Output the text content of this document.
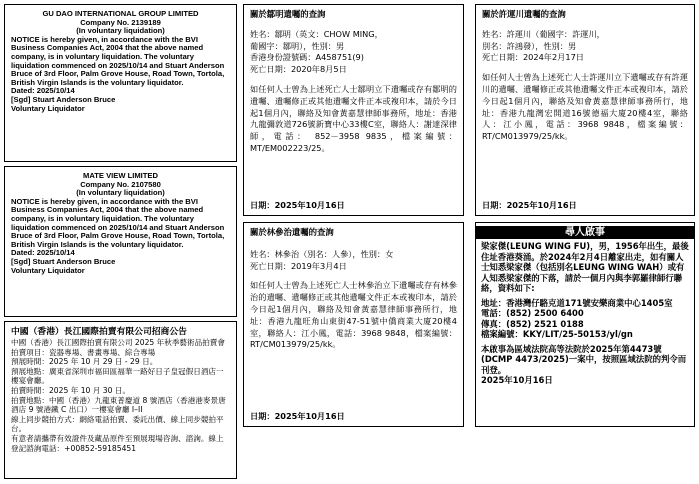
GU DAO INTERNATIONAL GROUP LIMITED

Company No. 2139189

(In voluntary liquidation)

NOTICE is hereby given, in accordance with the BVI Business Companies Act, 2004 that the above named company, is in voluntary liquidation. The voluntary liquidation commenced on 2025/10/14 and Stuart Anderson Bruce of 3rd Floor, Palm Grove House, Road Town, Tortola, British Virgin Islands is the voluntary liquidator.

Dated: 2025/10/14

[Sgd] Stuart Anderson Bruce

Voluntary Liquidator

MATE VIEW LIMITED

Company No. 2107580

(In voluntary liquidation)

NOTICE is hereby given, in accordance with the BVI Business Companies Act, 2004 that the above named company, is in voluntary liquidation. The voluntary liquidation commenced on 2025/10/14 and Stuart Anderson Bruce of 3rd Floor, Palm Grove House, Road Town, Tortola, British Virgin Islands is the voluntary liquidator.

Dated: 2025/10/14

[Sgd] Stuart Anderson Bruce

Voluntary Liquidator

中國（香港）長江國際拍賣有限公司招商公告

中國（香港）長江國際拍賣有限公司 2025 年秋季藝術品拍賣會

拍賣項目：瓷器專場、書畫專場、綜合專場

預展時間：2025 年 10 月 29 日 - 29 日。

預展地點：廣東省深圳市福田區福華一路好日子皇冠假日酒店一樓宴會廳。

拍賣時間：2025 年 10 月 30 日。

拍賣地點：中國（香港）九龍東普慶道 8 號酒店（香港港麥景唐酒店 9 號港鐵 C 出口）一樓宴會廳 I–II

線上同步競拍方式：網絡電話拍賣、委託出價、線上同步競拍平台。

有意者請攜帶有效證件及藏品原件至預展現場咨詢、諮詢。線上登記諮詢電話：+00852-59185451

關於鄒明遺囑的查詢

姓名：鄒明（英文：CHOW MING，

葡國字：鄒明），性別：男

香港身份證號碼：A458751(9)

死亡日期：2020年8月5日

如任何人士曾為上述死亡人士鄒明立下遺囑或存有鄒明的遺囑、遺囑修正或其他遺囑文件正本或複印本，請於今日起1個月內，聯絡及知會黃嘉慧律師事務所，地址：香港九龍彌敦道726號新寶中心33樓C室，聯絡人：謝達深律師，電話： 852－3958 9835，檔案編號：MT/EM002223/25。

日期：2025年10月16日

關於許運川遺囑的查詢

姓名：許運川（葡國字：許運川，

別名：許鴻發），性別：男

死亡日期：2024年2月17日

如任何人士曾為上述死亡人士許運川立下遺囑或存有許運川的遺囑、遺囑修正或其他遺囑文件正本或複印本，請於今日起1個月內，聯絡及知會黃嘉慧律師事務所行，地址：香港九龍灣宏開道16號德福大廈20樓4室，聯絡人：江小鳳，電話：3968 9848，檔案編號：RT/CM013979/25/kk。

日期：2025年10月16日

關於林參治遺囑的查詢

姓名：林參治（別名：人參），性別：女

死亡日期：2019年3月4日

如任何人士曾為上述死亡人士林參治立下遺囑或存有林參治的遺囑、遺囑修正或其他遺囑文件正本或複印本，請於今日起1個月內，聯絡及知會黃嘉慧律師事務所行，地址：香港九龍旺角山東街47-51號中僑商業大廈20樓4室，聯絡人：江小鳳，電話：3968 9848，檔案編號：RT/CM013979/25/kk。

日期：2025年10月16日

尋人啟事

梁家傑(LEUNG WING FU)，男，1956年出生，最後住址香港葵涌。於2024年2月4日離家出走，如有關人士知悉梁家傑（包括別名LEUNG WING WAH）或有人知悉梁家傑的下落，請於一個月內與李郭羅律師行聯絡，資料如下:

地址：香港灣仔駱克道171號安樂商業中心1405室

電話：(852) 2500 6400

傳真：(852) 2521 0188

檔案編號：KKY/LIT/25-50153/yl/gn

本啟事為區域法院高等法院於2025年第4473號(DCMP 4473/2025)一案中，按照區域法院的判令而刊登。

2025年10月16日
